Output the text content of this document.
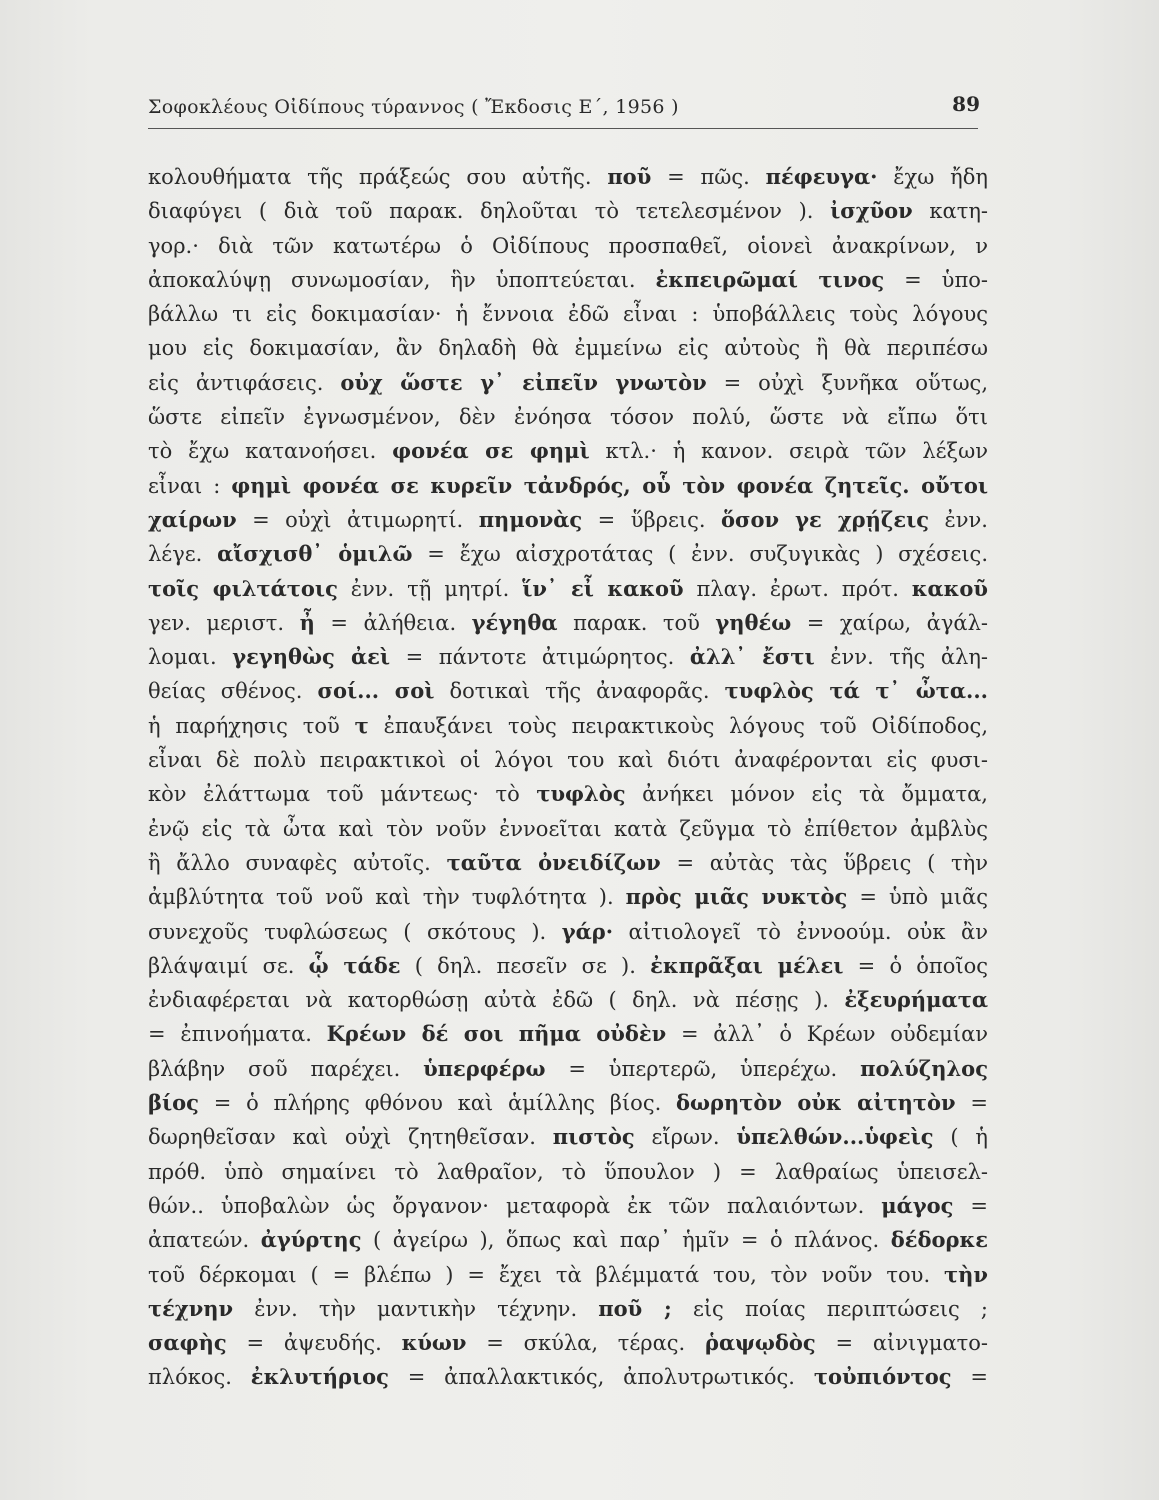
Σοφοκλέους Οἰδίπους τύραννος ( Ἔκδοσις Ε΄, 1956 )	89
κολουθήματα τῆς πράξεώς σου αὐτῆς. ποῦ = πῶς. πέφευγα· ἔχω ἤδη
διαφύγει ( διὰ τοῦ παρακ. δηλοῦται τὸ τετελεσμένον ). ἰσχῦον κατη-
γορ.· διὰ τῶν κατωτέρω ὁ Οἰδίπους προσπαθεῖ, οἱονεὶ ἀνακρίνων, ν
ἀποκαλύψῃ συνωμοσίαν, ἣν ὑποπτεύεται. ἐκπειρῶμαί τινος = ὑπο-
βάλλω τι εἰς δοκιμασίαν· ἡ ἔννοια ἐδῶ εἶναι : ὑποβάλλεις τοὺς λόγους
μου εἰς δοκιμασίαν, ἂν δηλαδὴ θὰ ἐμμείνω εἰς αὐτοὺς ἢ θὰ περιπέσω
εἰς ἀντιφάσεις. οὐχ ὥστε γ᾽ εἰπεῖν γνωτὸν = οὐχὶ ξυνῆκα οὕτως,
ὥστε εἰπεῖν ἐγνωσμένον, δὲν ἐνόησα τόσον πολύ, ὥστε νὰ εἴπω ὅτι
τὸ ἔχω κατανοήσει. φονέα σε φημὶ κτλ.· ἡ κανον. σειρὰ τῶν λέξων
εἶναι : φημὶ φονέα σε κυρεῖν τἀνδρός, οὗ τὸν φονέα ζητεῖς. οὔτοι
χαίρων = οὐχὶ ἀτιμωρητί. πημονὰς = ὕβρεις. ὅσον γε χρῄζεις ἐνν.
λέγε. αἴσχισθ᾽ ὁμιλῶ = ἔχω αἰσχροτάτας ( ἐνν. συζυγικὰς ) σχέσεις.
τοῖς φιλτάτοις ἐνν. τῇ μητρί. ἵν᾽ εἶ κακοῦ πλαγ. ἐρωτ. πρότ. κακοῦ
γεν. μεριστ. ἦ = ἀλήθεια. γέγηθα παρακ. τοῦ γηθέω = χαίρω, ἀγάλ-
λομαι. γεγηθὼς ἀεὶ = πάντοτε ἀτιμώρητος. ἀλλ᾽ ἔστι ἐνν. τῆς ἀλη-
θείας σθένος. σοί... σοὶ δοτικαὶ τῆς ἀναφορᾶς. τυφλὸς τά τ᾽ ὦτα...
ἡ παρήχησις τοῦ τ ἐπαυξάνει τοὺς πειρακτικοὺς λόγους τοῦ Οἰδίποδος,
εἶναι δὲ πολὺ πειρακτικοὶ οἱ λόγοι του καὶ διότι ἀναφέρονται εἰς φυσι-
κὸν ἐλάττωμα τοῦ μάντεως· τὸ τυφλὸς ἀνήκει μόνον εἰς τὰ ὄμματα,
ἐνῷ εἰς τὰ ὦτα καὶ τὸν νοῦν ἐννοεῖται κατὰ ζεῦγμα τὸ ἐπίθετον ἀμβλὺς
ἢ ἄλλο συναφὲς αὐτοῖς. ταῦτα ὀνειδίζων = αὐτὰς τὰς ὕβρεις ( τὴν
ἀμβλύτητα τοῦ νοῦ καὶ τὴν τυφλότητα ). πρὸς μιᾶς νυκτὸς = ὑπὸ μιᾶς
συνεχοῦς τυφλώσεως ( σκότους ). γάρ· αἰτιολογεῖ τὸ ἐννοούμ. οὐκ ἂν
βλάψαιμί σε. ᾧ τάδε ( δηλ. πεσεῖν σε ). ἐκπρᾶξαι μέλει = ὁ ὁποῖος
ἐνδιαφέρεται νὰ κατορθώσῃ αὐτὰ ἐδῶ ( δηλ. νὰ πέσῃς ). ἐξευρήματα
= ἐπινοήματα. Κρέων δέ σοι πῆμα οὐδὲν = ἀλλ᾽ ὁ Κρέων οὐδεμίαν
βλάβην σοῦ παρέχει. ὑπερφέρω = ὑπερτερῶ, ὑπερέχω. πολύζηλος
βίος = ὁ πλήρης φθόνου καὶ ἁμίλλης βίος. δωρητὸν οὐκ αἰτητὸν =
δωρηθεῖσαν καὶ οὐχὶ ζητηθεῖσαν. πιστὸς εἴρων. ὑπελθών...ὑφεὶς ( ἡ
πρόθ. ὑπὸ σημαίνει τὸ λαθραῖον, τὸ ὕπουλον ) = λαθραίως ὑπεισελ-
θών.. ὑποβαλὼν ὡς ὄργανον· μεταφορὰ ἐκ τῶν παλαιόντων. μάγος =
ἀπατεών. ἀγύρτης ( ἀγείρω ), ὅπως καὶ παρ᾽ ἡμῖν = ὁ πλάνος. δέδορκε
τοῦ δέρκομαι ( = βλέπω ) = ἔχει τὰ βλέμματά του, τὸν νοῦν του. τὴν
τέχνην ἐνν. τὴν μαντικὴν τέχνην. ποῦ ; εἰς ποίας περιπτώσεις ;
σαφὴς = ἀψευδής. κύων = σκύλα, τέρας. ῥαψῳδὸς = αἰνιγματο-
πλόκος. ἐκλυτήριος = ἀπαλλακτικός, ἀπολυτρωτικός. τοὐπιόντος =
